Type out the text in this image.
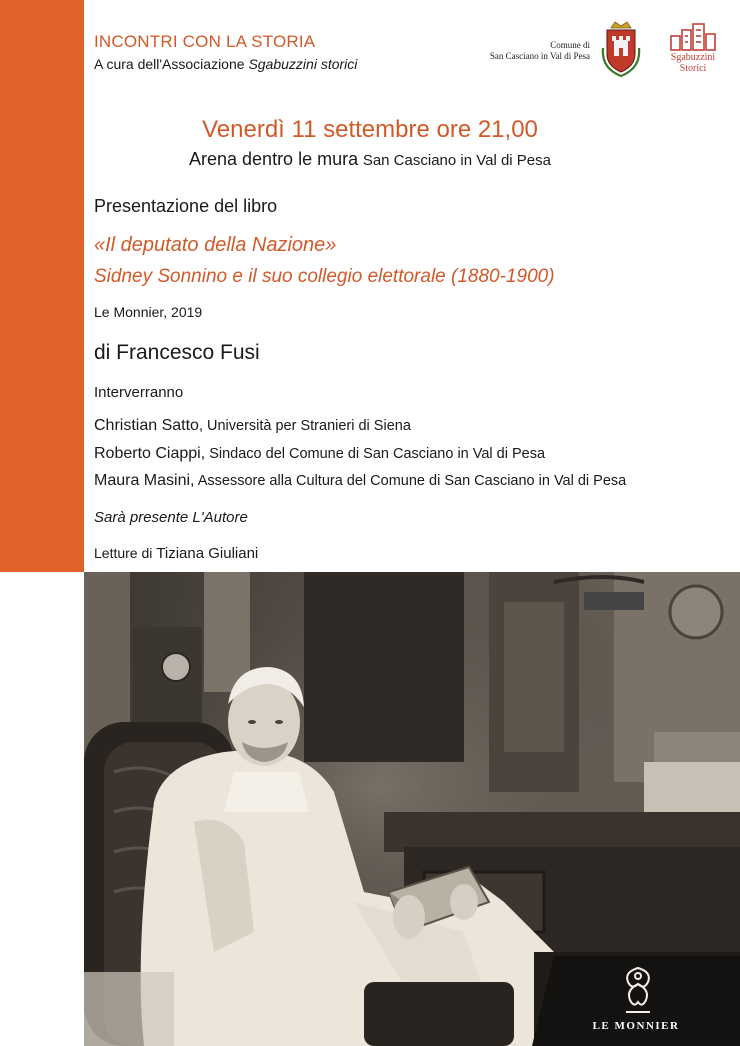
INCONTRI CON LA STORIA
A cura dell'Associazione Sgabuzzini storici
Comune di
San Casciano in Val di Pesa	Sgabuzzini
Storici
Venerdì 11 settembre ore 21,00
Arena dentro le mura San Casciano in Val di Pesa
Presentazione del libro
«Il deputato della Nazione»
Sidney Sonnino e il suo collegio elettorale (1880-1900)
Le Monnier, 2019
di Francesco Fusi
Interverranno
Christian Satto, Università per Stranieri di Siena
Roberto Ciappi, Sindaco del Comune di San Casciano in Val di Pesa
Maura Masini, Assessore alla Cultura del Comune di San Casciano in Val di Pesa
Sarà presente L'Autore
Letture di Tiziana Giuliani
LE MONNIER
